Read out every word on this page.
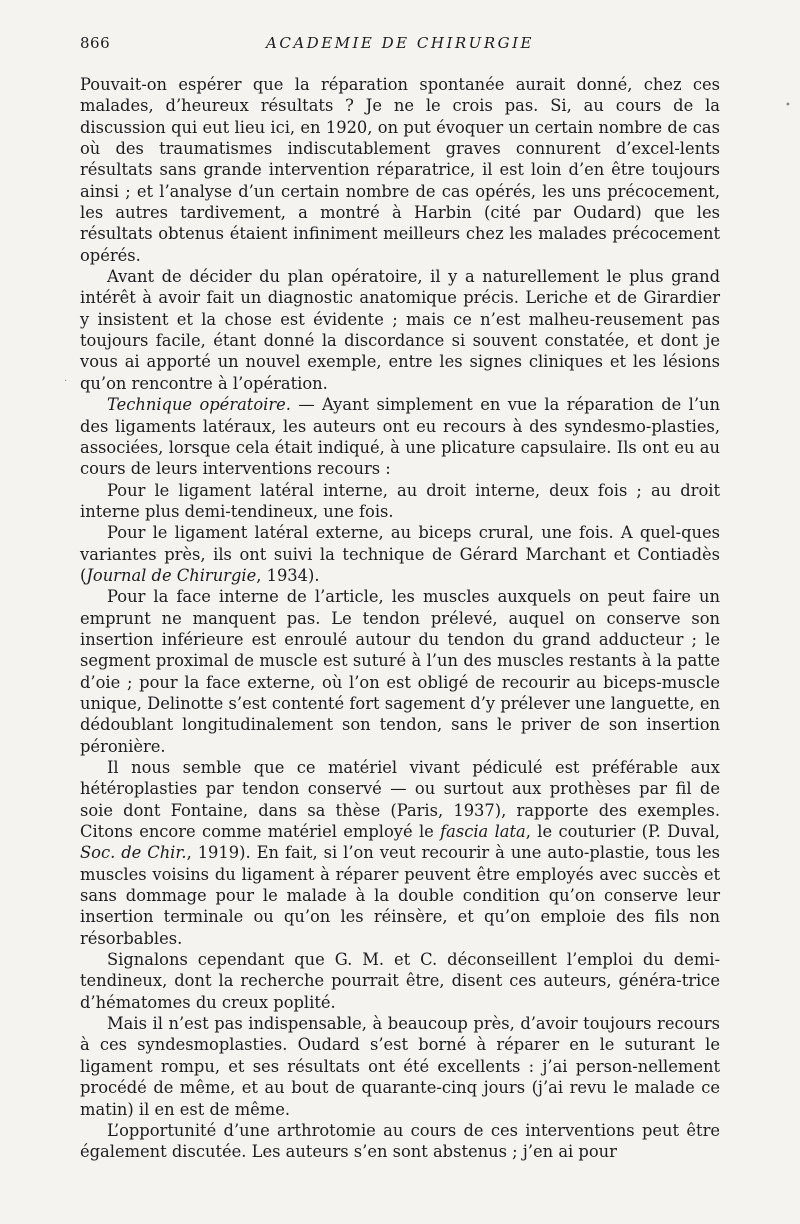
866	ACADEMIE DE CHIRURGIE

Pouvait-on espérer que la réparation spontanée aurait donné, chez ces malades, d’heureux résultats ? Je ne le crois pas. Si, au cours de la discussion qui eut lieu ici, en 1920, on put évoquer un certain nombre de cas où des traumatismes indiscutablement graves connurent d’excel-lents résultats sans grande intervention réparatrice, il est loin d’en être toujours ainsi ; et l’analyse d’un certain nombre de cas opérés, les uns précocement, les autres tardivement, a montré à Harbin (cité par Oudard) que les résultats obtenus étaient infiniment meilleurs chez les malades précocement opérés.

Avant de décider du plan opératoire, il y a naturellement le plus grand intérêt à avoir fait un diagnostic anatomique précis. Leriche et de Girardier y insistent et la chose est évidente ; mais ce n’est malheu-reusement pas toujours facile, étant donné la discordance si souvent constatée, et dont je vous ai apporté un nouvel exemple, entre les signes cliniques et les lésions qu’on rencontre à l’opération.

Technique opératoire. — Ayant simplement en vue la réparation de l’un des ligaments latéraux, les auteurs ont eu recours à des syndesmo-plasties, associées, lorsque cela était indiqué, à une plicature capsulaire. Ils ont eu au cours de leurs interventions recours :

Pour le ligament latéral interne, au droit interne, deux fois ; au droit interne plus demi-tendineux, une fois.

Pour le ligament latéral externe, au biceps crural, une fois. A quel-ques variantes près, ils ont suivi la technique de Gérard Marchant et Contiadès (Journal de Chirurgie, 1934).

Pour la face interne de l’article, les muscles auxquels on peut faire un emprunt ne manquent pas. Le tendon prélevé, auquel on conserve son insertion inférieure est enroulé autour du tendon du grand adducteur ; le segment proximal de muscle est suturé à l’un des muscles restants à la patte d’oie ; pour la face externe, où l’on est obligé de recourir au biceps-muscle unique, Delinotte s’est contenté fort sagement d’y prélever une languette, en dédoublant longitudinalement son tendon, sans le priver de son insertion péronière.

Il nous semble que ce matériel vivant pédiculé est préférable aux hétéroplasties par tendon conservé — ou surtout aux prothèses par fil de soie dont Fontaine, dans sa thèse (Paris, 1937), rapporte des exemples. Citons encore comme matériel employé le fascia lata, le couturier (P. Duval, Soc. de Chir., 1919). En fait, si l’on veut recourir à une auto-plastie, tous les muscles voisins du ligament à réparer peuvent être employés avec succès et sans dommage pour le malade à la double condition qu’on conserve leur insertion terminale ou qu’on les réinsère, et qu’on emploie des fils non résorbables.

Signalons cependant que G. M. et C. déconseillent l’emploi du demi-tendineux, dont la recherche pourrait être, disent ces auteurs, généra-trice d’hématomes du creux poplité.

Mais il n’est pas indispensable, à beaucoup près, d’avoir toujours recours à ces syndesmoplasties. Oudard s’est borné à réparer en le suturant le ligament rompu, et ses résultats ont été excellents : j’ai person-nellement procédé de même, et au bout de quarante-cinq jours (j’ai revu le malade ce matin) il en est de même.

L’opportunité d’une arthrotomie au cours de ces interventions peut être également discutée. Les auteurs s’en sont abstenus ; j’en ai pour

•
·
